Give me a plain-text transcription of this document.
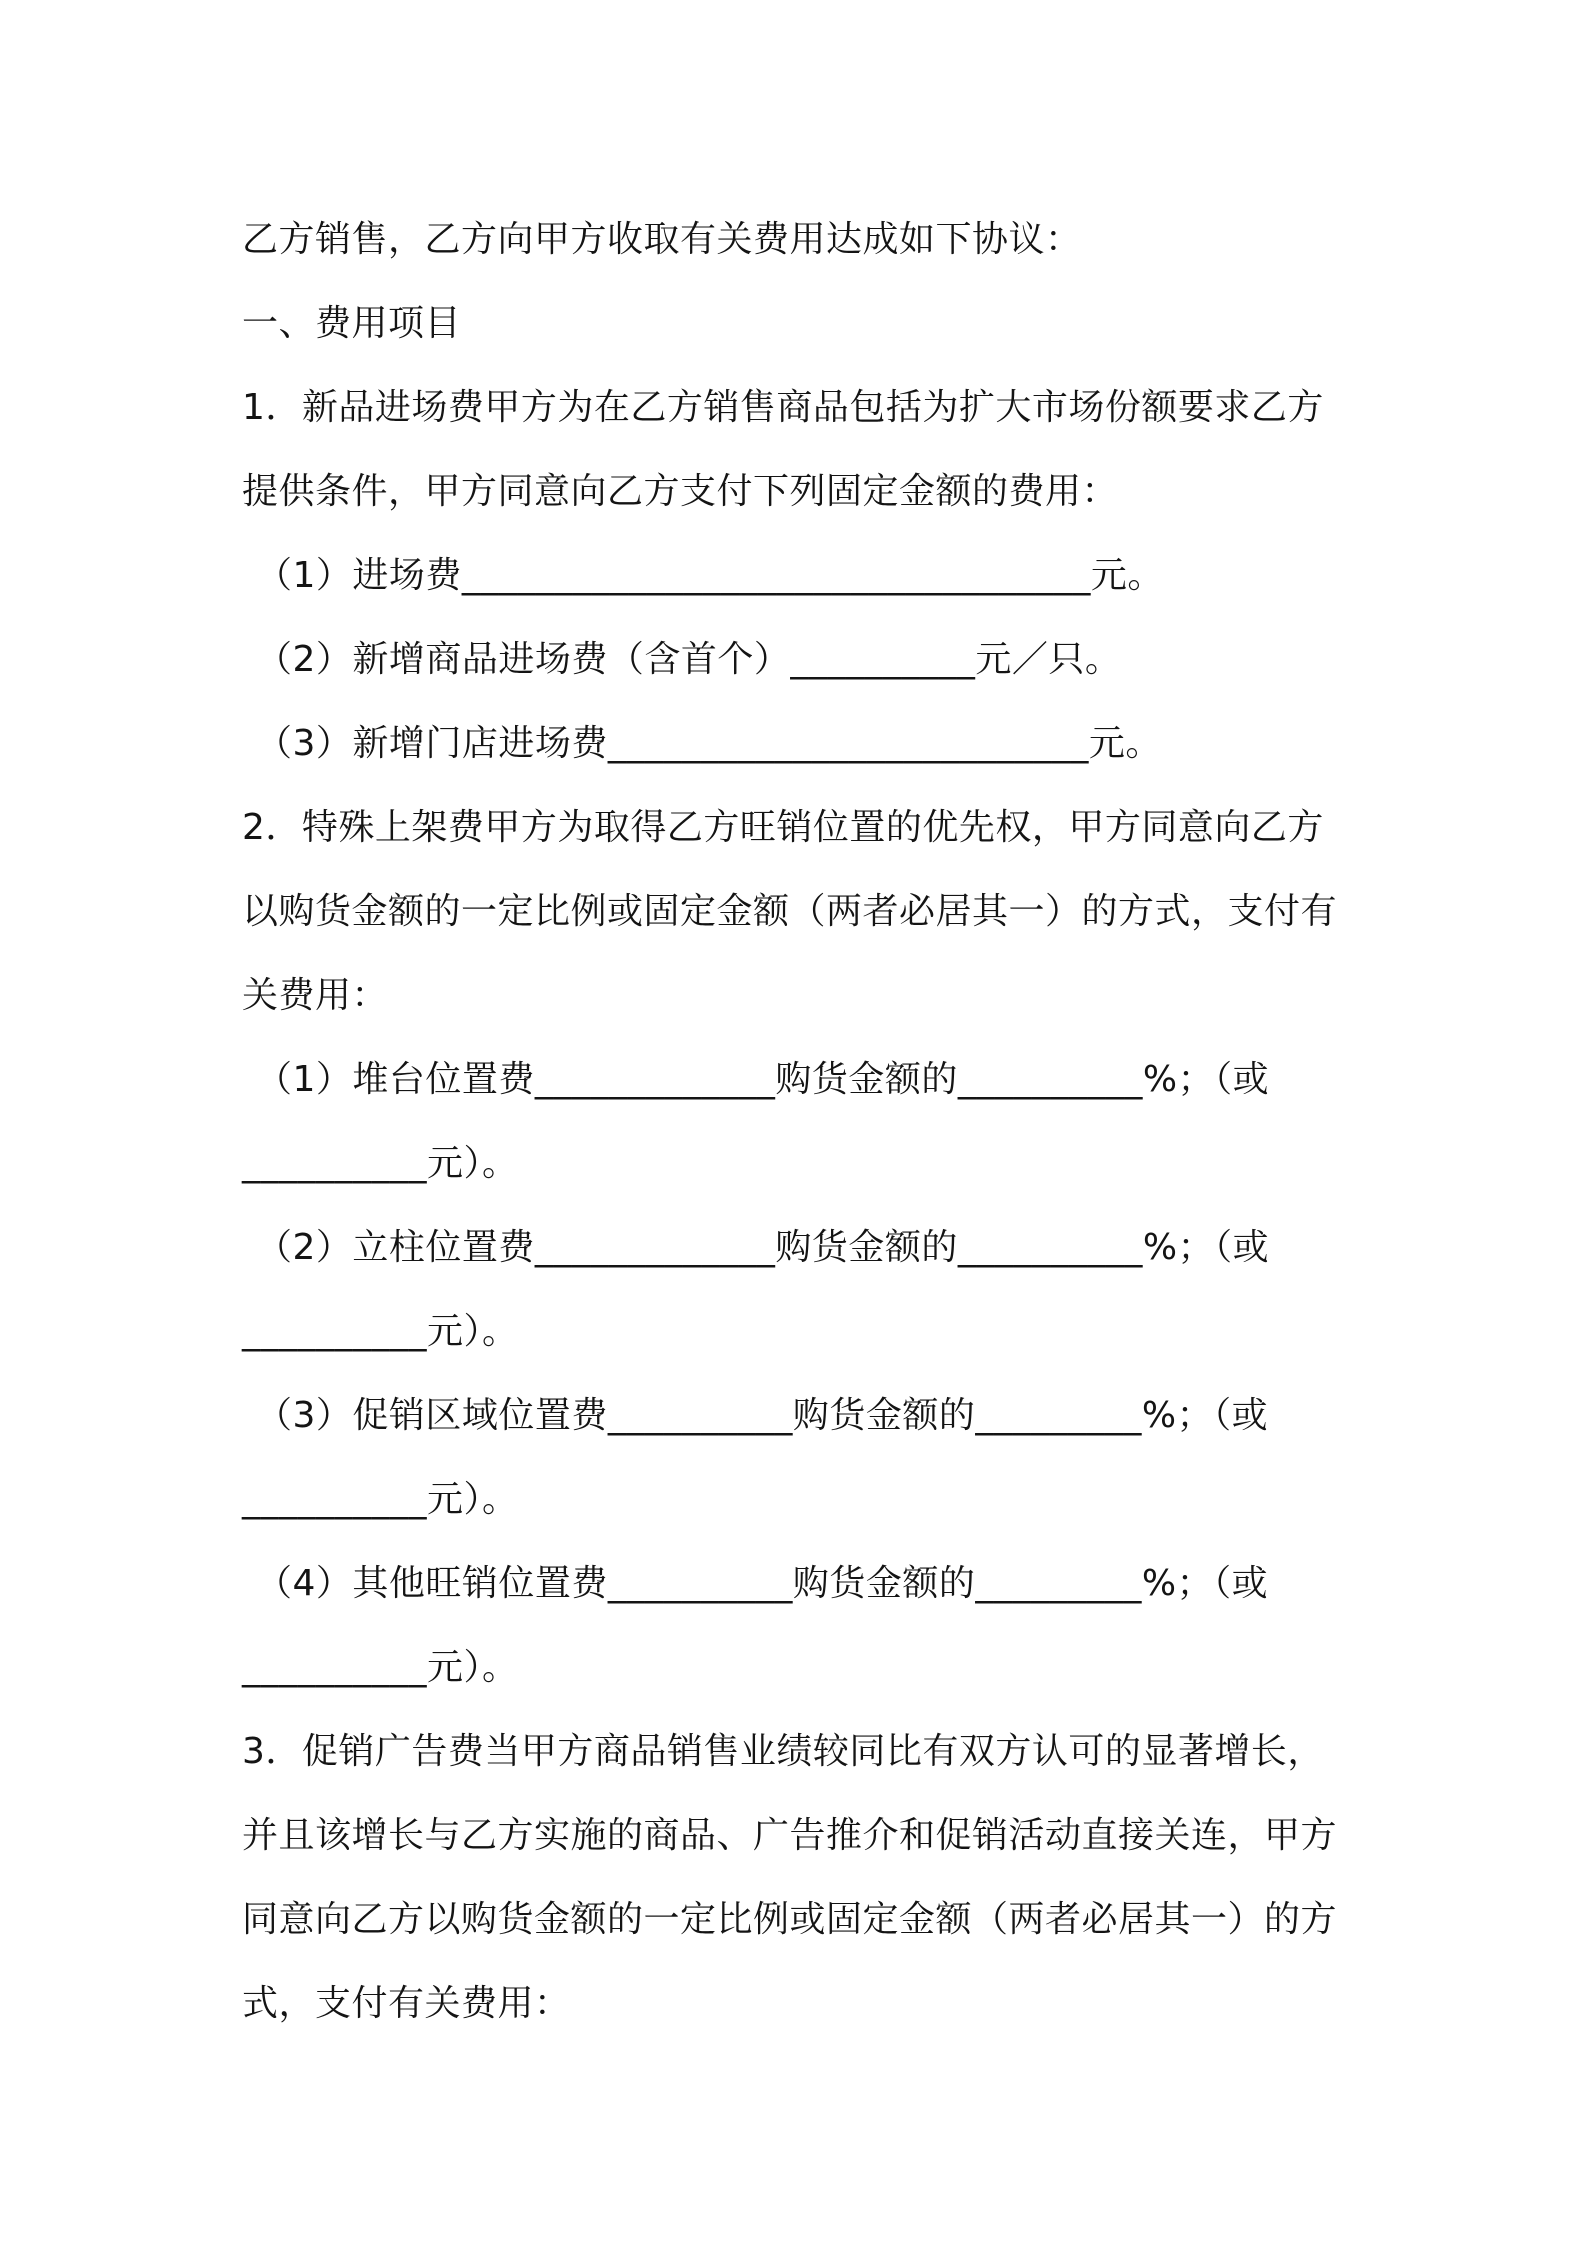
乙方销售，乙方向甲方收取有关费用达成如下协议：
一、费用项目
1．新品进场费甲方为在乙方销售商品包括为扩大市场份额要求乙方
提供条件，甲方同意向乙方支付下列固定金额的费用：
（1）进场费__________________________________元。
（2）新增商品进场费（含首个）__________元／只。
（3）新增门店进场费__________________________元。
2．特殊上架费甲方为取得乙方旺销位置的优先权，甲方同意向乙方
以购货金额的一定比例或固定金额（两者必居其一）的方式，支付有
关费用：
（1）堆台位置费_____________购货金额的__________%；（或
__________元）。
（2）立柱位置费_____________购货金额的__________%；（或
__________元）。
（3）促销区域位置费__________购货金额的_________%；（或
__________元）。
（4）其他旺销位置费__________购货金额的_________%；（或
__________元）。
3．促销广告费当甲方商品销售业绩较同比有双方认可的显著增长，
并且该增长与乙方实施的商品、广告推介和促销活动直接关连，甲方
同意向乙方以购货金额的一定比例或固定金额（两者必居其一）的方
式，支付有关费用：
